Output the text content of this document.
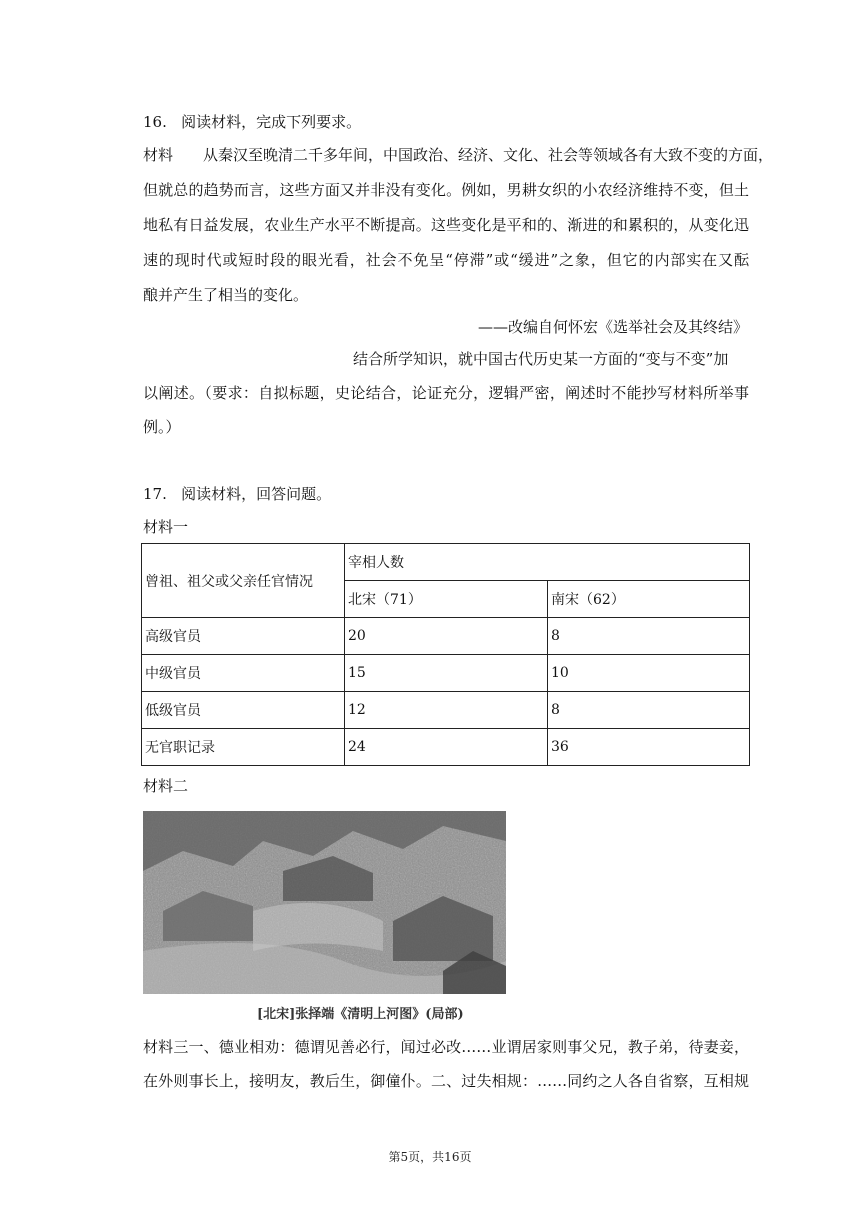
16. 阅读材料，完成下列要求。
材料　　从秦汉至晚清二千多年间，中国政治、经济、文化、社会等领域各有大致不变的方面，
但就总的趋势而言，这些方面又并非没有变化。例如，男耕女织的小农经济维持不变，但土
地私有日益发展，农业生产水平不断提高。这些变化是平和的、渐进的和累积的，从变化迅
速的现时代或短时段的眼光看，社会不免呈“停滞”或“缓进”之象，但它的内部实在又酝
酿并产生了相当的变化。
——改编自何怀宏《选举社会及其终结》
结合所学知识，就中国古代历史某一方面的“变与不变”加
以阐述。（要求：自拟标题，史论结合，论证充分，逻辑严密，阐述时不能抄写材料所举事
例。）
17. 阅读材料，回答问题。
材料一
曾祖、祖父或父亲任官情况	宰相人数	
	北宋（71）	南宋（62）
高级官员	20	8
中级官员	15	10
低级官员	12	8
无官职记录	24	36
材料二
[北宋]张择端《清明上河图》(局部)
材料三一、德业相劝：德谓见善必行，闻过必改……业谓居家则事父兄，教子弟，待妻妾，
在外则事长上，接明友，教后生，御僮仆。二、过失相规：……同约之人各自省察，互相规
第5页，共16页
